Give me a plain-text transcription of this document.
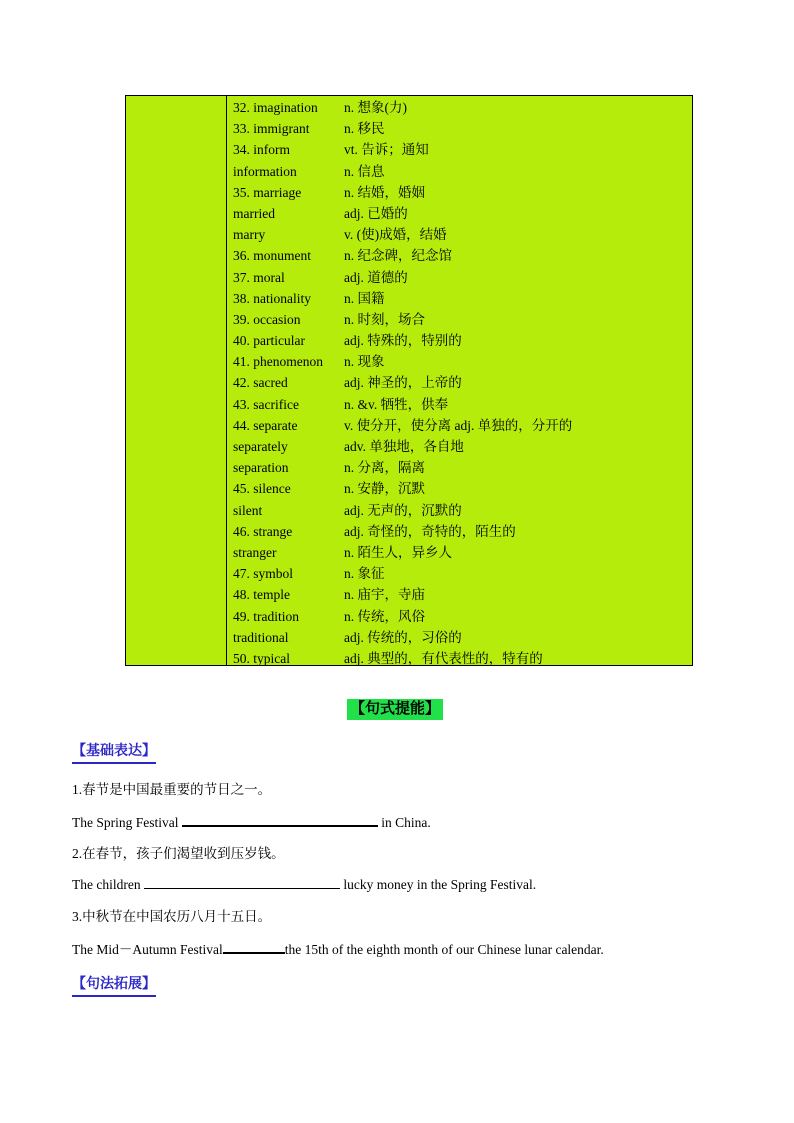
32. imagination n. 想象(力)
33. immigrant	n. 移民
34. inform	vt. 告诉；通知
information	n. 信息
35. marriage	n. 结婚，婚姻
married	adj. 已婚的
marry	v. (使)成婚，结婚
36. monument n. 纪念碑，纪念馆
37. moral	adj. 道德的
38. nationality n. 国籍
39. occasion	n. 时刻，场合
40. particular	adj. 特殊的，特别的
41. phenomenon n. 现象
42. sacred	adj. 神圣的，上帝的
43. sacrifice	n. &v. 牺牲，供奉
44. separate	v. 使分开，使分离 adj. 单独的，分开的
separately	adv. 单独地，各自地
separation	n. 分离，隔离
45. silence	n. 安静，沉默
silent	adj. 无声的，沉默的
46. strange	adj. 奇怪的，奇特的，陌生的
stranger	n. 陌生人，异乡人
47. symbol	n. 象征
48. temple	n. 庙宇，寺庙
49. tradition	n. 传统，风俗
traditional	adj. 传统的，习俗的
50. typical	adj. 典型的，有代表性的，特有的
【句式提能】
【基础表达】
1.春节是中国最重要的节日之一。
The Spring Festival	in China.
2.在春节，孩子们渴望收到压岁钱。
The children	lucky money in the Spring Festival.
3.中秋节在中国农历八月十五日。
The Mid－Autumn Festival	the 15th of the eighth month of our Chinese lunar calendar.
【句法拓展】
